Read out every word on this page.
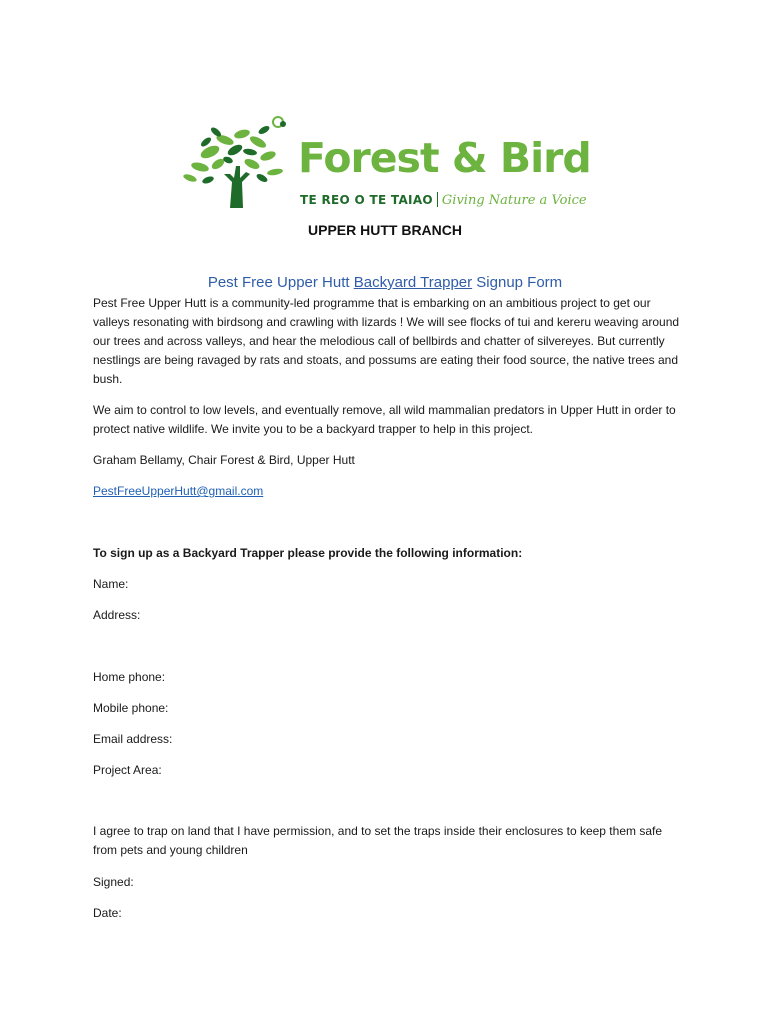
Forest & Bird
TE REO O TE TAIAO Giving Nature a Voice
UPPER HUTT BRANCH
Pest Free Upper Hutt Backyard Trapper Signup Form
Pest Free Upper Hutt is a community-led programme that is embarking on an ambitious project to get our valleys resonating with birdsong and crawling with lizards ! We will see flocks of tui and kereru weaving around our trees and across valleys, and hear the melodious call of bellbirds and chatter of silvereyes. But currently nestlings are being ravaged by rats and stoats, and possums are eating their food source, the native trees and bush.
We aim to control to low levels, and eventually remove, all wild mammalian predators in Upper Hutt in order to protect native wildlife. We invite you to be a backyard trapper to help in this project.
Graham Bellamy, Chair Forest & Bird, Upper Hutt
PestFreeUpperHutt@gmail.com
To sign up as a Backyard Trapper please provide the following information:
Name:
Address:
Home phone:
Mobile phone:
Email address:
Project Area:
I agree to trap on land that I have permission, and to set the traps inside their enclosures to keep them safe from pets and young children
Signed:
Date:
